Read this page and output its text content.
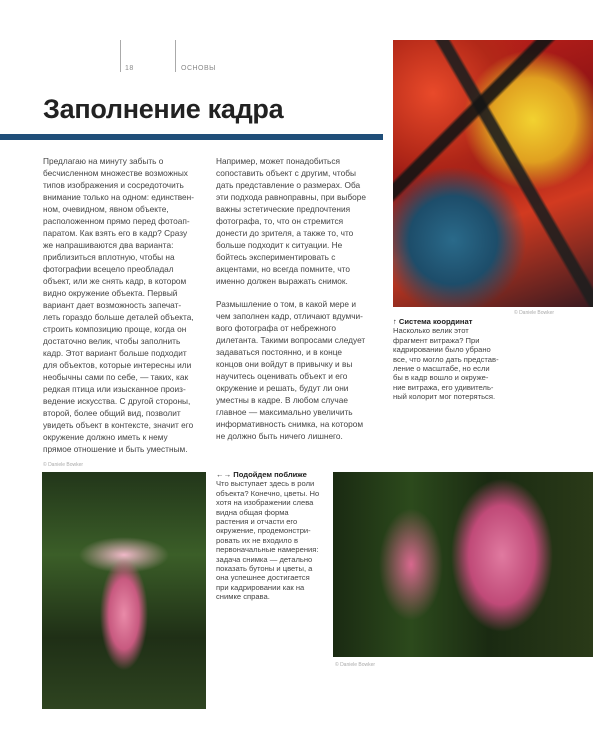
18	ОСНОВЫ
Заполнение кадра
Предлагаю на минуту забыть о
бесчисленном множестве возможных
типов изображения и сосредоточить
внимание только на одном: единствен-
ном, очевидном, явном объекте,
расположенном прямо перед фотоап-
паратом. Как взять его в кадр? Сразу
же напрашиваются два варианта:
приблизиться вплотную, чтобы на
фотографии всецело преобладал
объект, или же снять кадр, в котором
видно окружение объекта. Первый
вариант дает возможность запечат-
леть гораздо больше деталей объекта,
строить композицию проще, когда он
достаточно велик, чтобы заполнить
кадр. Этот вариант больше подходит
для объектов, которые интересны или
необычны сами по себе, — таких, как
редкая птица или изысканное произ-
ведение искусства. С другой стороны,
второй, более общий вид, позволит
увидеть объект в контексте, значит его
окружение должно иметь к нему
прямое отношение и быть уместным.
Например, может понадобиться
сопоставить объект с другим, чтобы
дать представление о размерах. Оба
эти подхода равноправны, при выборе
важны эстетические предпочтения
фотографа, то, что он стремится
донести до зрителя, а также то, что
больше подходит к ситуации. Не
бойтесь экспериментировать с
акцентами, но всегда помните, что
именно должен выражать снимок.
Размышление о том, в какой мере и
чем заполнен кадр, отличают вдумчи-
вого фотографа от небрежного
дилетанта. Такими вопросами следует
задаваться постоянно, и в конце
концов они войдут в привычку и вы
научитесь оценивать объект и его
окружение и решать, будут ли они
уместны в кадре. В любом случае
главное — максимально увеличить
информативность снимка, на котором
не должно быть ничего лишнего.
© Daniele Bowker
↑ Система координат
Насколько велик этот
фрагмент витража? При
кадрировании было убрано
все, что могло дать представ-
ление о масштабе, но если
бы в кадр вошло и окруже-
ние витража, его удивитель-
ный колорит мог потеряться.
© Daniele Bowker
←→ Подойдем поближе
Что выступает здесь в роли
объекта? Конечно, цветы. Но
хотя на изображении слева
видна общая форма
растения и отчасти его
окружение, продемонстри-
ровать их не входило в
первоначальные намерения:
задача снимка — детально
показать бутоны и цветы, а
она успешнее достигается
при кадрировании как на
снимке справа.
© Daniele Bowker
